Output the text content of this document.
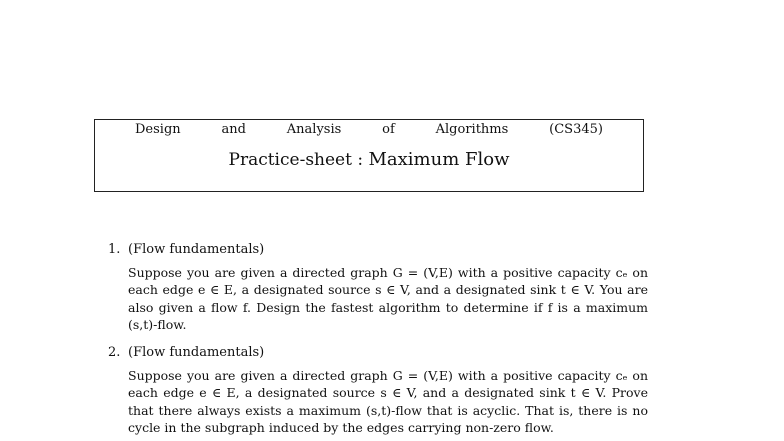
Design	and	Analysis	of	Algorithms	(CS345)
Practice-sheet : Maximum Flow
1. (Flow fundamentals)
Suppose you are given a directed graph G = (V,E) with a positive capacity cₑ on each edge e ∈ E, a designated source s ∈ V, and a designated sink t ∈ V. You are also given a flow f. Design the fastest algorithm to determine if f is a maximum (s,t)-flow.
2. (Flow fundamentals)
Suppose you are given a directed graph G = (V,E) with a positive capacity cₑ on each edge e ∈ E, a designated source s ∈ V, and a designated sink t ∈ V. Prove that there always exists a maximum (s,t)-flow that is acyclic. That is, there is no cycle in the subgraph induced by the edges carrying non-zero flow.
